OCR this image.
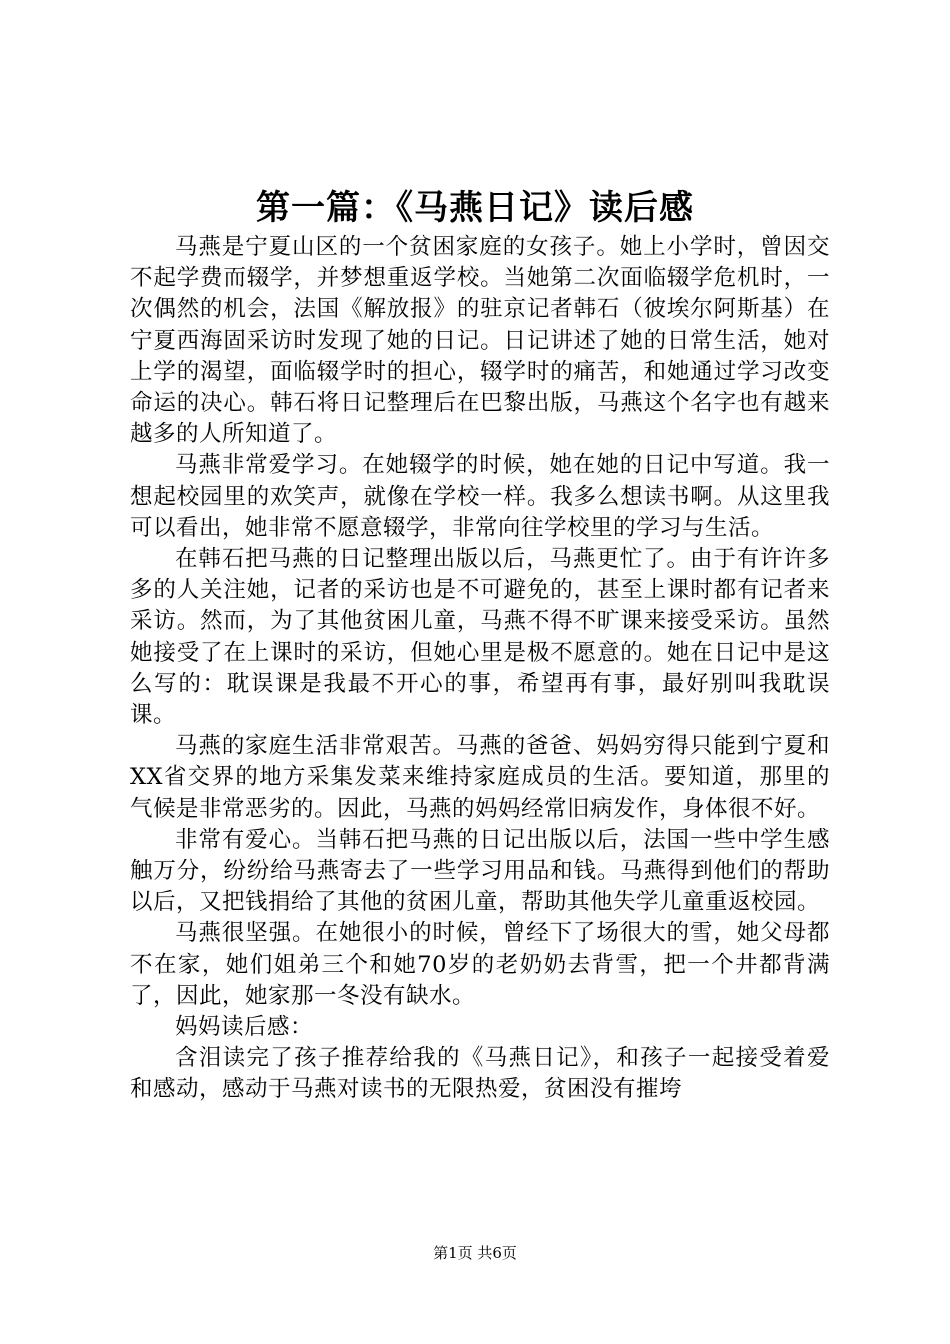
第一篇：《马燕日记》读后感

马燕是宁夏山区的一个贫困家庭的女孩子。她上小学时，曾因交不起学费而辍学，并梦想重返学校。当她第二次面临辍学危机时，一次偶然的机会，法国《解放报》的驻京记者韩石（彼埃尔阿斯基）在宁夏西海固采访时发现了她的日记。日记讲述了她的日常生活，她对上学的渴望，面临辍学时的担心，辍学时的痛苦，和她通过学习改变命运的决心。韩石将日记整理后在巴黎出版，马燕这个名字也有越来越多的人所知道了。

马燕非常爱学习。在她辍学的时候，她在她的日记中写道。我一想起校园里的欢笑声，就像在学校一样。我多么想读书啊。从这里我可以看出，她非常不愿意辍学，非常向往学校里的学习与生活。

在韩石把马燕的日记整理出版以后，马燕更忙了。由于有许许多多的人关注她，记者的采访也是不可避免的，甚至上课时都有记者来采访。然而，为了其他贫困儿童，马燕不得不旷课来接受采访。虽然她接受了在上课时的采访，但她心里是极不愿意的。她在日记中是这么写的：耽误课是我最不开心的事，希望再有事，最好别叫我耽误课。

马燕的家庭生活非常艰苦。马燕的爸爸、妈妈穷得只能到宁夏和XX省交界的地方采集发菜来维持家庭成员的生活。要知道，那里的气候是非常恶劣的。因此，马燕的妈妈经常旧病发作，身体很不好。

非常有爱心。当韩石把马燕的日记出版以后，法国一些中学生感触万分，纷纷给马燕寄去了一些学习用品和钱。马燕得到他们的帮助以后，又把钱捐给了其他的贫困儿童，帮助其他失学儿童重返校园。

马燕很坚强。在她很小的时候，曾经下了场很大的雪，她父母都不在家，她们姐弟三个和她70岁的老奶奶去背雪，把一个井都背满了，因此，她家那一冬没有缺水。

妈妈读后感：

含泪读完了孩子推荐给我的《马燕日记》，和孩子一起接受着爱和感动，感动于马燕对读书的无限热爱，贫困没有摧垮

第1页 共6页
